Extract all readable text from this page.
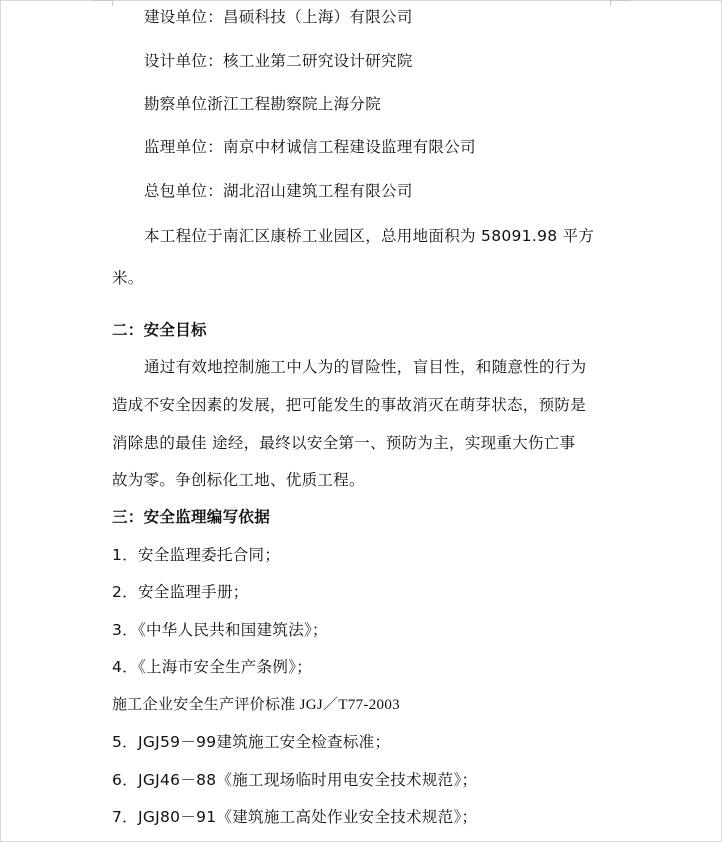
建设单位：昌硕科技（上海）有限公司
设计单位：核工业第二研究设计研究院
勘察单位浙江工程勘察院上海分院
监理单位：南京中材诚信工程建设监理有限公司
总包单位：湖北沼山建筑工程有限公司
本工程位于南汇区康桥工业园区，总用地面积为 58091.98 平方
米。
二：安全目标
通过有效地控制施工中人为的冒险性，盲目性，和随意性的行为
造成不安全因素的发展，把可能发生的事故消灭在萌芽状态，预防是
消除患的最佳 途经，最终以安全第一、预防为主，实现重大伤亡事
故为零。争创标化工地、优质工程。
三：安全监理编写依据
1．安全监理委托合同；
2．安全监理手册；
3．《中华人民共和国建筑法》；
4．《上海市安全生产条例》；
施工企业安全生产评价标准 JGJ／T77-2003
5．JGJ59－99建筑施工安全检查标准；
6．JGJ46－88《施工现场临时用电安全技术规范》；
7．JGJ80－91《建筑施工高处作业安全技术规范》；
